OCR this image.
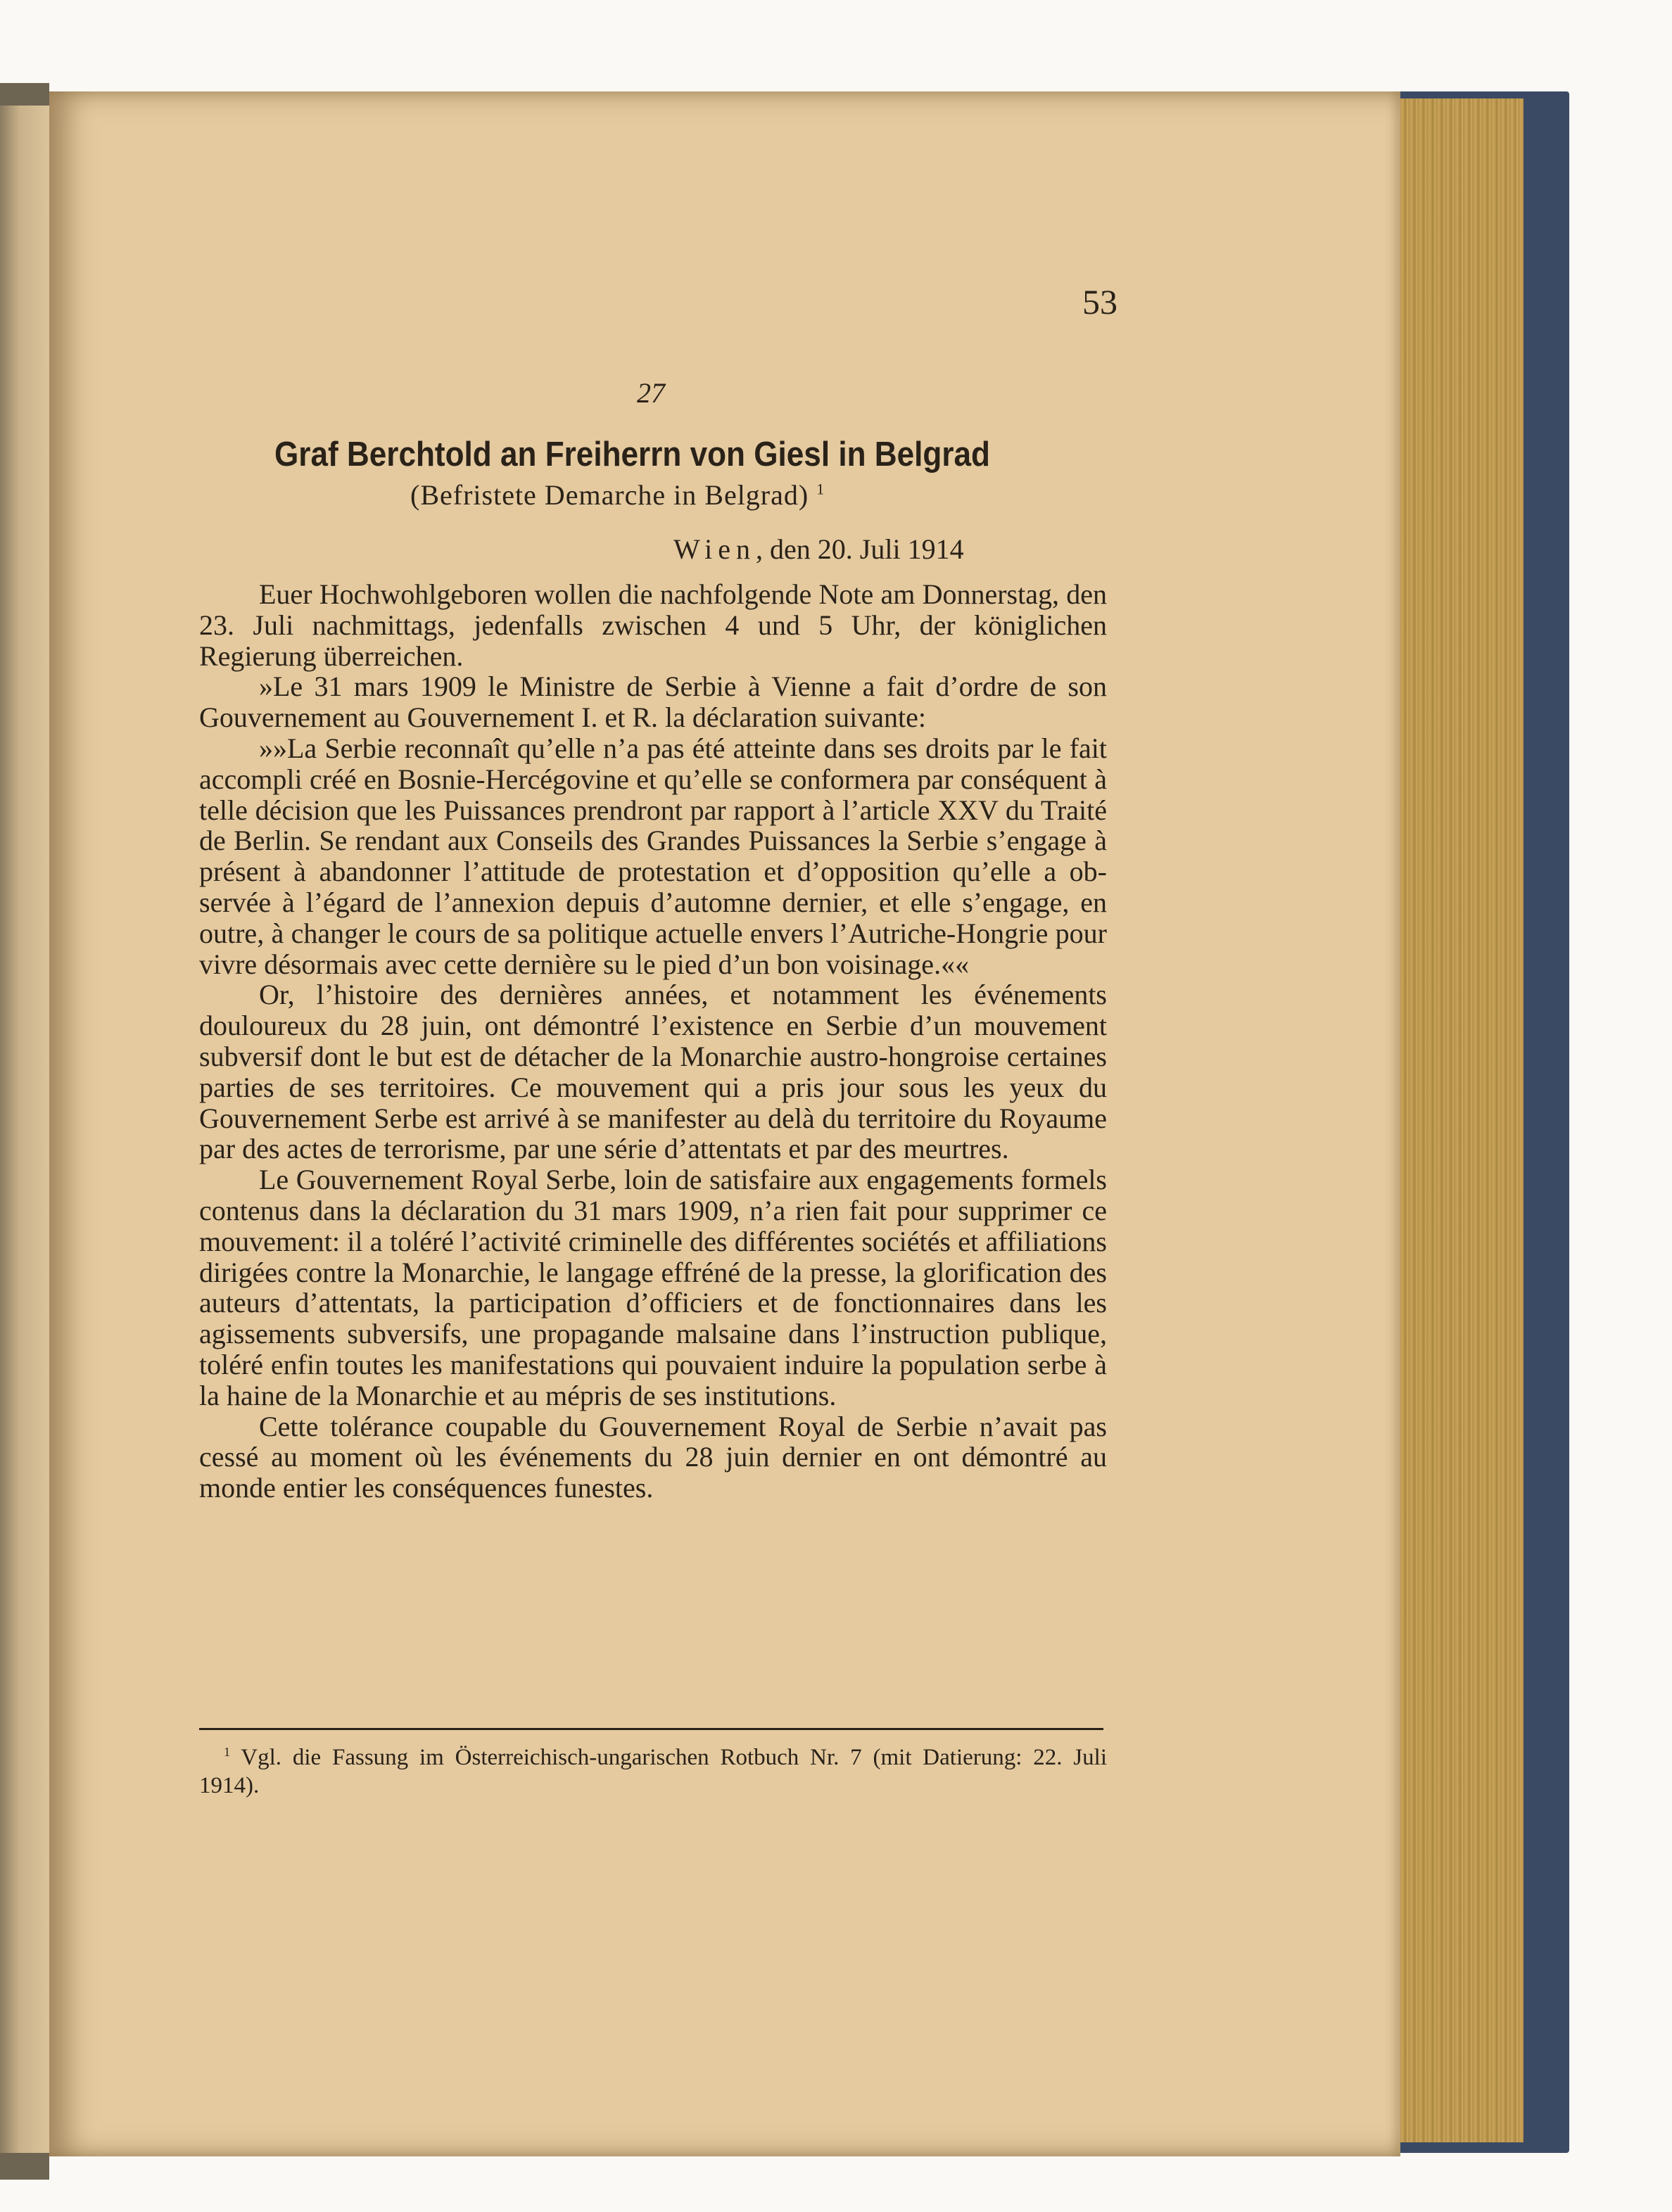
53
27
Graf Berchtold an Freiherrn von Giesl in Belgrad
(Befristete Demarche in Belgrad) $^1$
Wien, den 20. Juli 1914

Euer Hochwohlgeboren wollen die nachfolgende Note am Donnerstag, den 23. Juli nachmittags, jedenfalls zwischen 4 und 5 Uhr, der königlichen Regierung überreichen.

»Le 31 mars 1909 le Ministre de Serbie à Vienne a fait d’ordre de son Gouvernement au Gouvernement I. et R. la déclaration suivante:

»»La Serbie reconnaît qu’elle n’a pas été atteinte dans ses droits par le fait accompli créé en Bosnie-Hercégovine et qu’elle se conformera par conséquent à telle décision que les Puissances prendront par rapport à l’article XXV du Traité de Berlin. Se rendant aux Conseils des Grandes Puissances la Serbie s’engage à présent à abandonner l’attitude de protestation et d’opposition qu’elle a observée à l’égard de l’annexion depuis d’automne dernier, et elle s’engage, en outre, à changer le cours de sa politique actuelle envers l’Autriche-Hongrie pour vivre désormais avec cette dernière su le pied d’un bon voisinage.««

Or, l’histoire des dernières années, et notamment les événements douloureux du 28 juin, ont démontré l’existence en Serbie d’un mouvement subversif dont le but est de détacher de la Monarchie austro-hongroise certaines parties de ses territoires. Ce mouvement qui a pris jour sous les yeux du Gouvernement Serbe est arrivé à se manifester au delà du territoire du Royaume par des actes de terrorisme, par une série d’attentats et par des meurtres.

Le Gouvernement Royal Serbe, loin de satisfaire aux engagements formels contenus dans la déclaration du 31 mars 1909, n’a rien fait pour supprimer ce mouvement: il a toléré l’activité criminelle des différentes sociétés et affiliations dirigées contre la Monarchie, le langage effréné de la presse, la glorification des auteurs d’attentats, la participation d’officiers et de fonctionnaires dans les agissements subversifs, une propagande malsaine dans l’instruction publique, toléré enfin toutes les manifestations qui pouvaient induire la population serbe à la haine de la Monarchie et au mépris de ses institutions.

Cette tolérance coupable du Gouvernement Royal de Serbie n’avait pas cessé au moment où les événements du 28 juin dernier en ont démontré au monde entier les conséquences funestes.

$^1$ Vgl. die Fassung im Österreichisch-ungarischen Rotbuch Nr. 7 (mit Datierung: 22. Juli 1914).
